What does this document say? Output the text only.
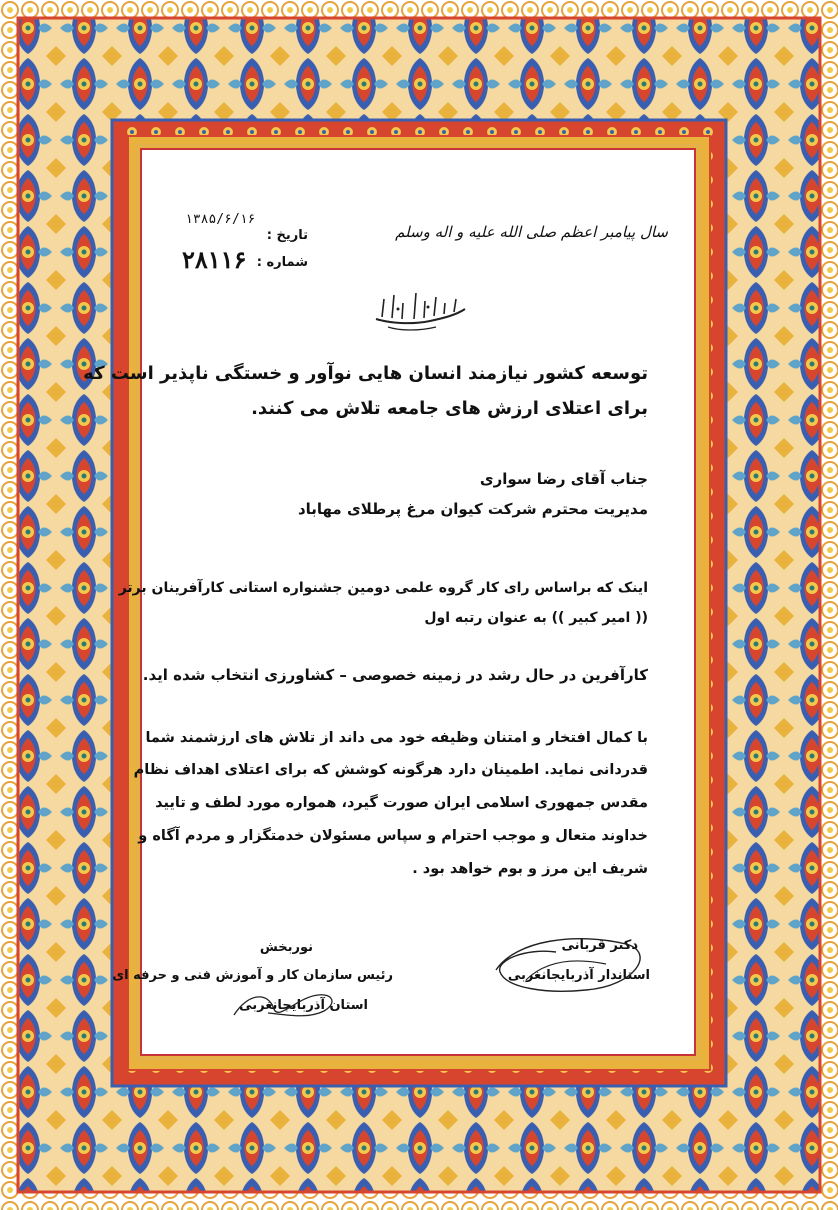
سال پیامبر اعظم صلی الله علیه و اله وسلم
تاریخ :
۱۳۸۵/۶/۱۶
شماره :
۲۸۱۱۶
توسعه کشور نیازمند انسان هایی نوآور و خستگی ناپذیر است که
برای اعتلای ارزش های جامعه تلاش می کنند.
جناب آقای رضا سواری
مدیریت محترم شرکت کیوان مرغ پرطلای مهاباد
اینک که براساس رای کار گروه علمی دومین جشنواره استانی کارآفرینان برتر
(( امیر کبیر )) به عنوان رتبه اول
کارآفرین در حال رشد در زمینه خصوصی – کشاورزی انتخاب شده اید.
با کمال افتخار و امتنان وظیفه خود می داند از تلاش های ارزشمند شما
قدردانی نماید. اطمینان دارد هرگونه کوشش که برای اعتلای اهداف نظام
مقدس جمهوری اسلامی ایران صورت گیرد، همواره مورد لطف و تایید
خداوند متعال و موجب احترام و سپاس مسئولان خدمتگزار و مردم آگاه و
شریف این مرز و بوم خواهد بود .
دکتر قربانی
استاندار آذربایجانغربی
نوربخش
رئیس سازمان کار و آموزش فنی و حرفه ای
استان آذربایجانغربی
